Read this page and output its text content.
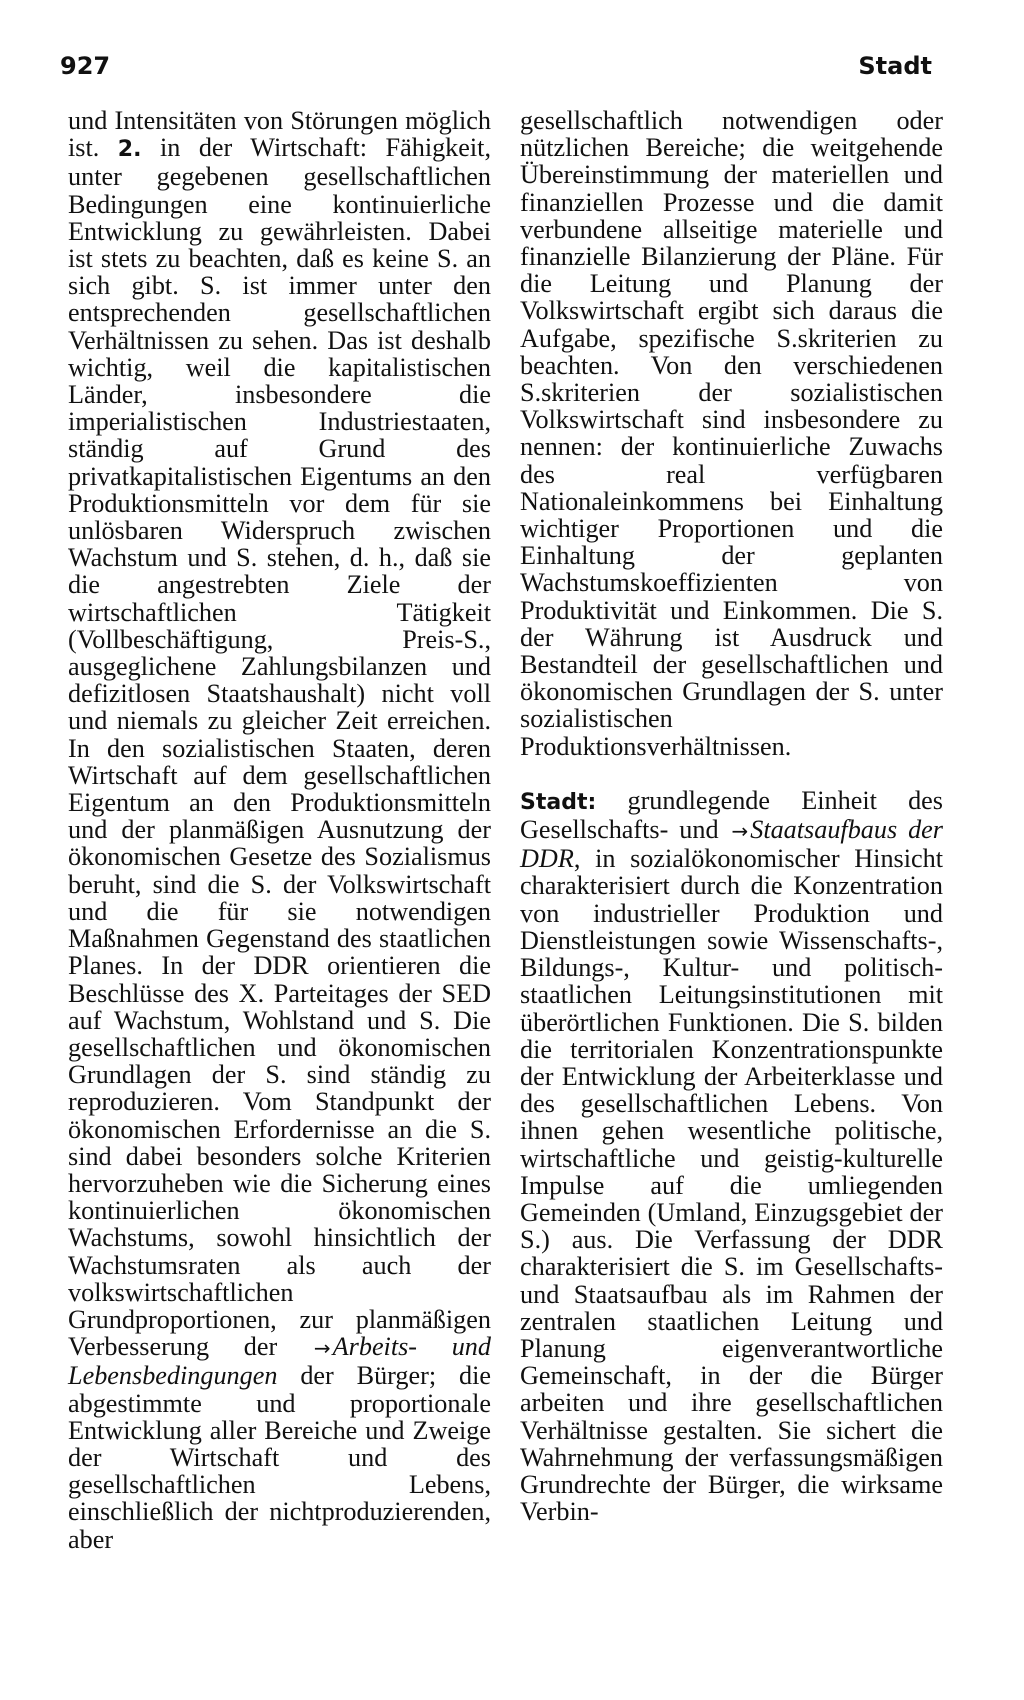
927	Stadt

und Intensitäten von Störungen möglich ist. 2. in der Wirtschaft: Fähigkeit, unter gegebenen gesellschaftlichen Bedingungen eine kontinuierliche Entwicklung zu gewährleisten. Dabei ist stets zu beachten, daß es keine S. an sich gibt. S. ist immer unter den entsprechenden gesellschaftlichen Verhältnissen zu sehen. Das ist deshalb wichtig, weil die kapitalistischen Länder, insbesondere die imperialistischen Industriestaaten, ständig auf Grund des privatkapitalistischen Eigentums an den Produktionsmitteln vor dem für sie unlösbaren Widerspruch zwischen Wachstum und S. stehen, d. h., daß sie die angestrebten Ziele der wirtschaftlichen Tätigkeit (Vollbeschäftigung, Preis-S., ausgeglichene Zahlungsbilanzen und defizitlosen Staatshaushalt) nicht voll und niemals zu gleicher Zeit erreichen. In den sozialistischen Staaten, deren Wirtschaft auf dem gesellschaftlichen Eigentum an den Produktionsmitteln und der planmäßigen Ausnutzung der ökonomischen Gesetze des Sozialismus beruht, sind die S. der Volkswirtschaft und die für sie notwendigen Maßnahmen Gegenstand des staatlichen Planes. In der DDR orientieren die Beschlüsse des X. Parteitages der SED auf Wachstum, Wohlstand und S. Die gesellschaftlichen und ökonomischen Grundlagen der S. sind ständig zu reproduzieren. Vom Standpunkt der ökonomischen Erfordernisse an die S. sind dabei besonders solche Kriterien hervorzuheben wie die Sicherung eines kontinuierlichen ökonomischen Wachstums, sowohl hinsichtlich der Wachstumsraten als auch der volkswirtschaftlichen Grundproportionen, zur planmäßigen Verbesserung der →Arbeits- und Lebensbedingungen der Bürger; die abgestimmte und proportionale Entwicklung aller Bereiche und Zweige der Wirtschaft und des gesellschaftlichen Lebens, einschließlich der nichtproduzierenden, aber

gesellschaftlich notwendigen oder nützlichen Bereiche; die weitgehende Übereinstimmung der materiellen und finanziellen Prozesse und die damit verbundene allseitige materielle und finanzielle Bilanzierung der Pläne. Für die Leitung und Planung der Volkswirtschaft ergibt sich daraus die Aufgabe, spezifische S.skriterien zu beachten. Von den verschiedenen S.skriterien der sozialistischen Volkswirtschaft sind insbesondere zu nennen: der kontinuierliche Zuwachs des real verfügbaren Nationaleinkommens bei Einhaltung wichtiger Proportionen und die Einhaltung der geplanten Wachstumskoeffizienten von Produktivität und Einkommen. Die S. der Währung ist Ausdruck und Bestandteil der gesellschaftlichen und ökonomischen Grundlagen der S. unter sozialistischen Produktionsverhältnissen.

Stadt: grundlegende Einheit des Gesellschafts- und →Staatsaufbaus der DDR, in sozialökonomischer Hinsicht charakterisiert durch die Konzentration von industrieller Produktion und Dienstleistungen sowie Wissenschafts-, Bildungs-, Kultur- und politisch-staatlichen Leitungsinstitutionen mit überörtlichen Funktionen. Die S. bilden die territorialen Konzentrationspunkte der Entwicklung der Arbeiterklasse und des gesellschaftlichen Lebens. Von ihnen gehen wesentliche politische, wirtschaftliche und geistig-kulturelle Impulse auf die umliegenden Gemeinden (Umland, Einzugsgebiet der S.) aus. Die Verfassung der DDR charakterisiert die S. im Gesellschafts- und Staatsaufbau als im Rahmen der zentralen staatlichen Leitung und Planung eigenverantwortliche Gemeinschaft, in der die Bürger arbeiten und ihre gesellschaftlichen Verhältnisse gestalten. Sie sichert die Wahrnehmung der verfassungsmäßigen Grundrechte der Bürger, die wirksame Verbin-
